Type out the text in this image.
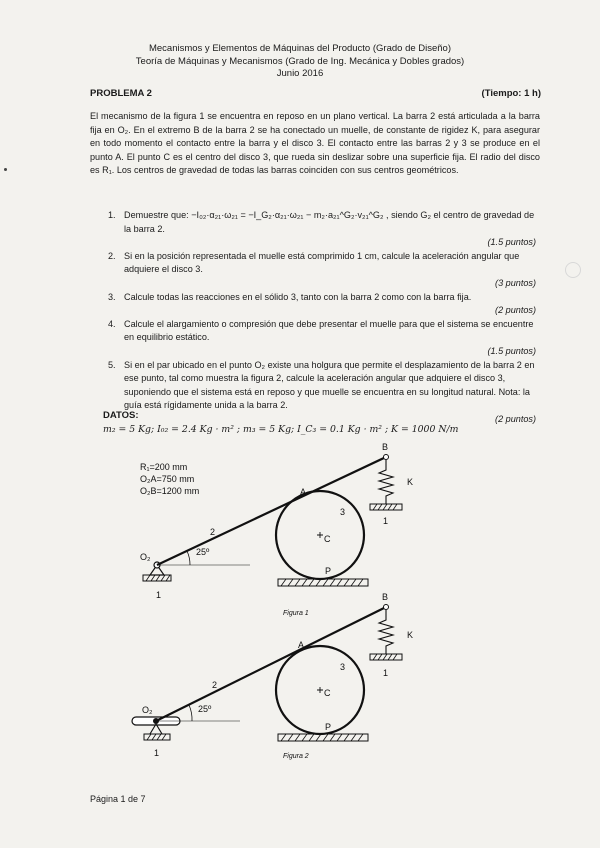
Mecanismos y Elementos de Máquinas del Producto (Grado de Diseño)
Teoría de Máquinas y Mecanismos (Grado de Ing. Mecánica y Dobles grados)
Junio 2016
PROBLEMA 2	(Tiempo: 1 h)
El mecanismo de la figura 1 se encuentra en reposo en un plano vertical. La barra 2 está articulada a la barra fija en O₂. En el extremo B de la barra 2 se ha conectado un muelle, de constante de rigidez K, para asegurar en todo momento el contacto entre la barra y el disco 3. El contacto entre las barras 2 y 3 se produce en el punto A. El punto C es el centro del disco 3, que rueda sin deslizar sobre una superficie fija. El radio del disco es R₁. Los centros de gravedad de todas las barras coinciden con sus centros geométricos.
1. Demuestre que: −I₀₂·α₂₁·ω₂₁ = −I_G₂·α₂₁·ω₂₁ − m₂·a₂₁^G₂·v₂₁^G₂ , siendo G₂ el centro de gravedad de la barra 2.
(1.5 puntos)
2. Si en la posición representada el muelle está comprimido 1 cm, calcule la aceleración angular que adquiere el disco 3.
(3 puntos)
3. Calcule todas las reacciones en el sólido 3, tanto con la barra 2 como con la barra fija.
(2 puntos)
4. Calcule el alargamiento o compresión que debe presentar el muelle para que el sistema se encuentre en equilibrio estático.
(1.5 puntos)
5. Si en el par ubicado en el punto O₂ existe una holgura que permite el desplazamiento de la barra 2 en ese punto, tal como muestra la figura 2, calcule la aceleración angular que adquiere el disco 3, suponiendo que el sistema está en reposo y que muelle se encuentra en su longitud natural. Nota: la guía está rígidamente unida a la barra 2.
(2 puntos)
DATOS:
m₂ = 5 Kg; I₀₂ = 2.4 Kg · m² ; m₃ = 5 Kg; I_C₃ = 0.1 Kg · m² ; K = 1000 N/m
R₁=200 mm
O₂A=750 mm
O₂B=1200 mm
B
K
A
3
2
C
P
O₂	25º
1
1
Figura 1
B
K
A
3
2
C
P
O₂	25º
1
1
Figura 2
Página 1 de 7
